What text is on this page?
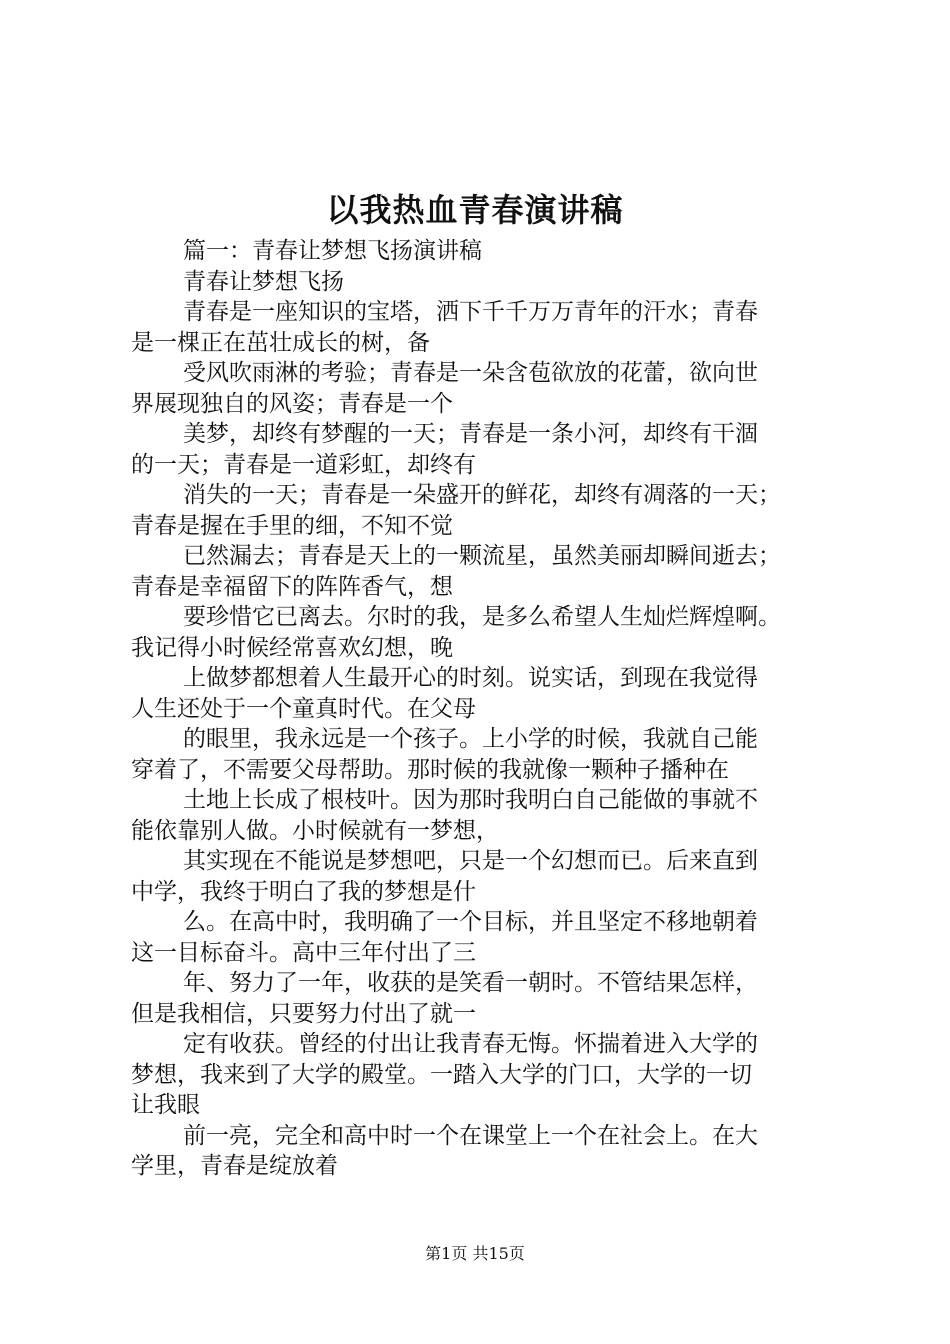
以我热血青春演讲稿
篇一：青春让梦想飞扬演讲稿
青春让梦想飞扬
青春是一座知识的宝塔，洒下千千万万青年的汗水；青春
是一棵正在茁壮成长的树，备
受风吹雨淋的考验；青春是一朵含苞欲放的花蕾，欲向世
界展现独自的风姿；青春是一个
美梦，却终有梦醒的一天；青春是一条小河，却终有干涸
的一天；青春是一道彩虹，却终有
消失的一天；青春是一朵盛开的鲜花，却终有凋落的一天；
青春是握在手里的细，不知不觉
已然漏去；青春是天上的一颗流星，虽然美丽却瞬间逝去；
青春是幸福留下的阵阵香气，想
要珍惜它已离去。尔时的我，是多么希望人生灿烂辉煌啊。
我记得小时候经常喜欢幻想，晚
上做梦都想着人生最开心的时刻。说实话，到现在我觉得
人生还处于一个童真时代。在父母
的眼里，我永远是一个孩子。上小学的时候，我就自己能
穿着了，不需要父母帮助。那时候的我就像一颗种子播种在
土地上长成了根枝叶。因为那时我明白自己能做的事就不
能依靠别人做。小时候就有一梦想，
其实现在不能说是梦想吧，只是一个幻想而已。后来直到
中学，我终于明白了我的梦想是什
么。在高中时，我明确了一个目标，并且坚定不移地朝着
这一目标奋斗。高中三年付出了三
年、努力了一年，收获的是笑看一朝时。不管结果怎样，
但是我相信，只要努力付出了就一
定有收获。曾经的付出让我青春无悔。怀揣着进入大学的
梦想，我来到了大学的殿堂。一踏入大学的门口，大学的一切
让我眼
前一亮，完全和高中时一个在课堂上一个在社会上。在大
学里，青春是绽放着
第1页 共15页
